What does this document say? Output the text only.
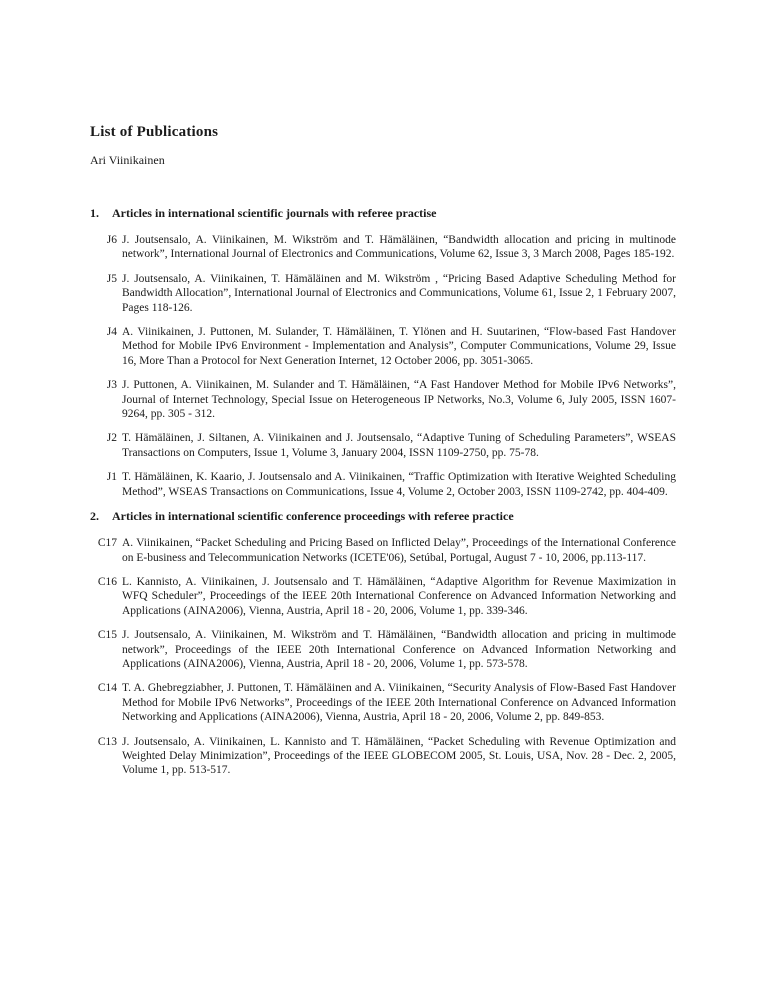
List of Publications

Ari Viinikainen

1.	Articles in international scientific journals with referee practise
J6 J. Joutsensalo, A. Viinikainen, M. Wikström and T. Hämäläinen, “Bandwidth allocation and pricing in multinode network”, International Journal of Electronics and Communications, Volume 62, Issue 3, 3 March 2008, Pages 185-192.

J5 J. Joutsensalo, A. Viinikainen, T. Hämäläinen and M. Wikström , “Pricing Based Adaptive Scheduling Method for Bandwidth Allocation”, International Journal of Electronics and Communications, Volume 61, Issue 2, 1 February 2007, Pages 118-126.

J4 A. Viinikainen, J. Puttonen, M. Sulander, T. Hämäläinen, T. Ylönen and H. Suutarinen, “Flow-based Fast Handover Method for Mobile IPv6 Environment - Implementation and Analysis”, Computer Communications, Volume 29, Issue 16, More Than a Protocol for Next Generation Internet, 12 October 2006, pp. 3051-3065.

J3 J. Puttonen, A. Viinikainen, M. Sulander and T. Hämäläinen, “A Fast Handover Method for Mobile IPv6 Networks”, Journal of Internet Technology, Special Issue on Heterogeneous IP Networks, No.3, Volume 6, July 2005, ISSN 1607-9264, pp. 305 - 312.

J2 T. Hämäläinen, J. Siltanen, A. Viinikainen and J. Joutsensalo, “Adaptive Tuning of Scheduling Parameters”, WSEAS Transactions on Computers, Issue 1, Volume 3, January 2004, ISSN 1109-2750, pp. 75-78.

J1 T. Hämäläinen, K. Kaario, J. Joutsensalo and A. Viinikainen, “Traffic Optimization with Iterative Weighted Scheduling Method”, WSEAS Transactions on Communications, Issue 4, Volume 2, October 2003, ISSN 1109-2742, pp. 404-409.

2.	Articles in international scientific conference proceedings with referee practice
C17 A. Viinikainen, “Packet Scheduling and Pricing Based on Inflicted Delay”, Proceedings of the International Conference on E-business and Telecommunication Networks (ICETE'06), Setúbal, Portugal, August 7 - 10, 2006, pp.113-117.

C16 L. Kannisto, A. Viinikainen, J. Joutsensalo and T. Hämäläinen, “Adaptive Algorithm for Revenue Maximization in WFQ Scheduler”, Proceedings of the IEEE 20th International Conference on Advanced Information Networking and Applications (AINA2006), Vienna, Austria, April 18 - 20, 2006, Volume 1, pp. 339-346.

C15 J. Joutsensalo, A. Viinikainen, M. Wikström and T. Hämäläinen, “Bandwidth allocation and pricing in multimode network”, Proceedings of the IEEE 20th International Conference on Advanced Information Networking and Applications (AINA2006), Vienna, Austria, April 18 - 20, 2006, Volume 1, pp. 573-578.

C14 T. A. Ghebregziabher, J. Puttonen, T. Hämäläinen and A. Viinikainen, “Security Analysis of Flow-Based Fast Handover Method for Mobile IPv6 Networks”, Proceedings of the IEEE 20th International Conference on Advanced Information Networking and Applications (AINA2006), Vienna, Austria, April 18 - 20, 2006, Volume 2, pp. 849-853.

C13 J. Joutsensalo, A. Viinikainen, L. Kannisto and T. Hämäläinen, “Packet Scheduling with Revenue Optimization and Weighted Delay Minimization”, Proceedings of the IEEE GLOBECOM 2005, St. Louis, USA, Nov. 28 - Dec. 2, 2005, Volume 1, pp. 513-517.
